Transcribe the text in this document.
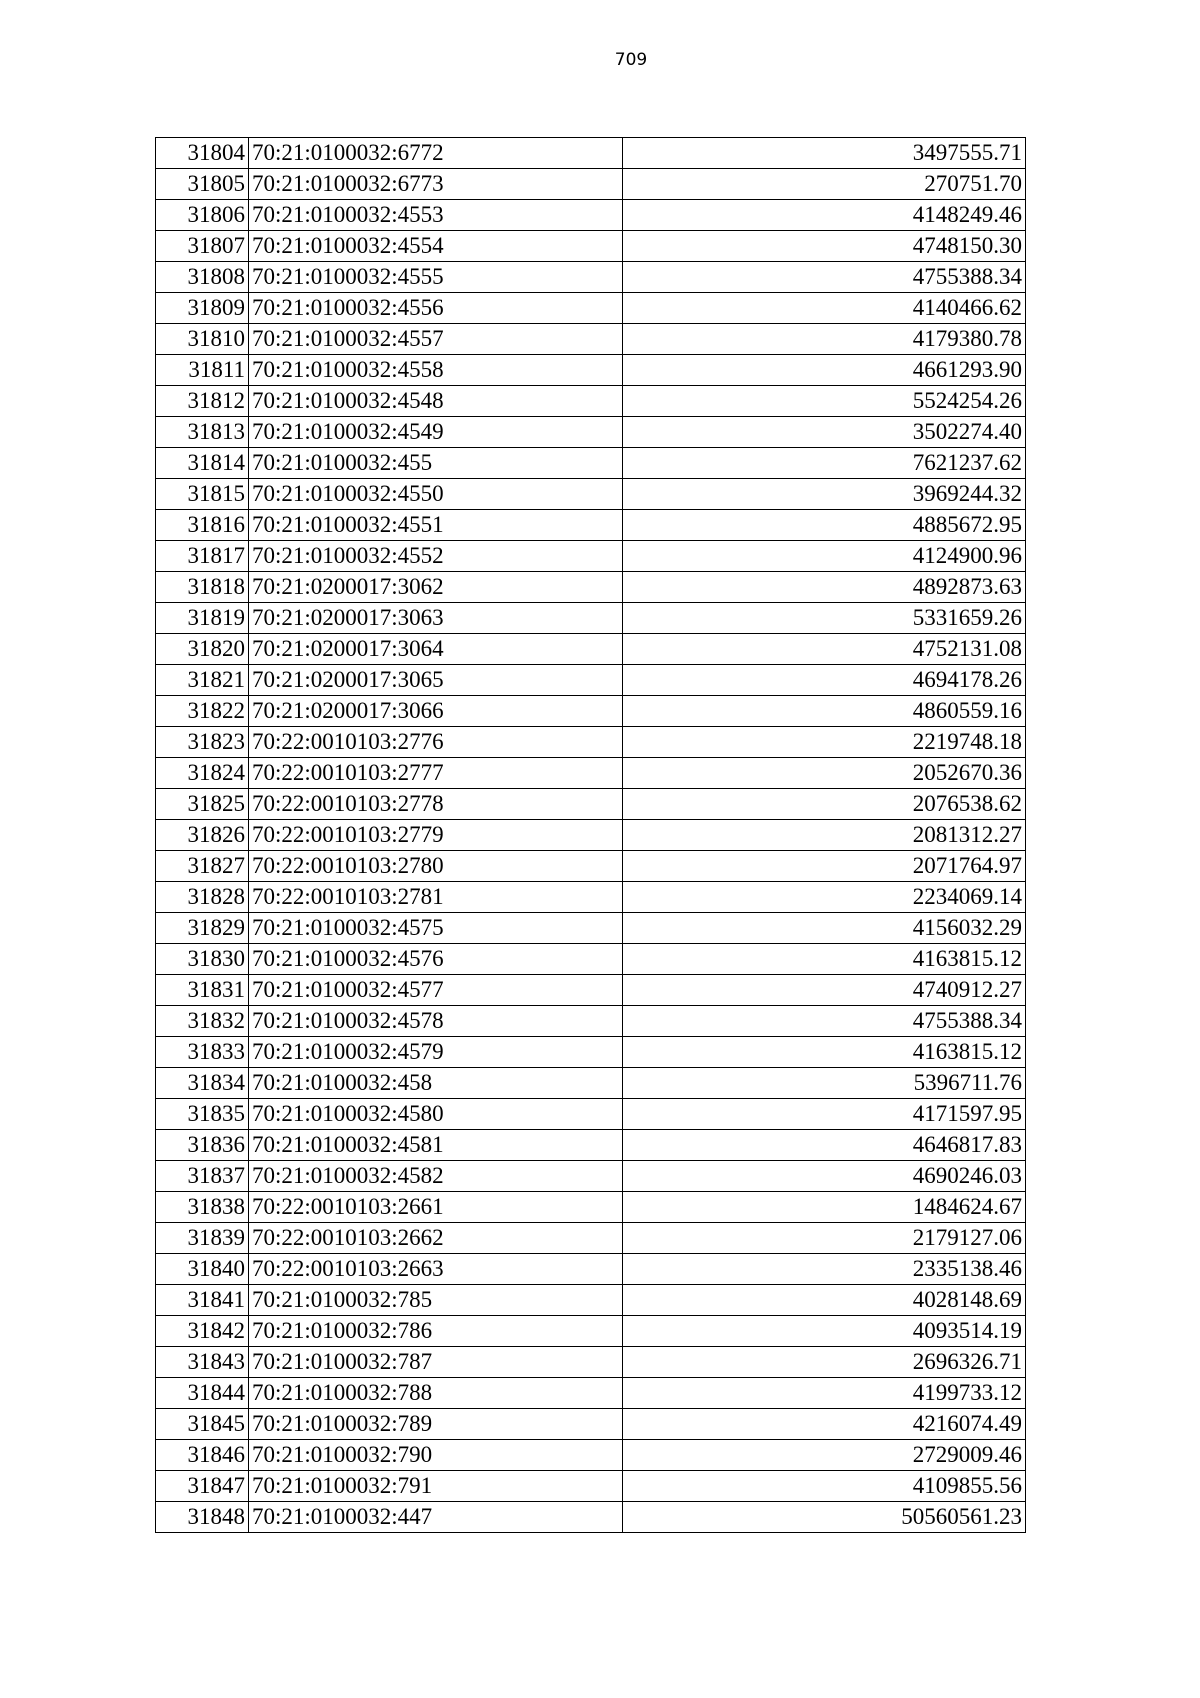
709
31804	70:21:0100032:6772	3497555.71
31805	70:21:0100032:6773	270751.70
31806	70:21:0100032:4553	4148249.46
31807	70:21:0100032:4554	4748150.30
31808	70:21:0100032:4555	4755388.34
31809	70:21:0100032:4556	4140466.62
31810	70:21:0100032:4557	4179380.78
31811	70:21:0100032:4558	4661293.90
31812	70:21:0100032:4548	5524254.26
31813	70:21:0100032:4549	3502274.40
31814	70:21:0100032:455	7621237.62
31815	70:21:0100032:4550	3969244.32
31816	70:21:0100032:4551	4885672.95
31817	70:21:0100032:4552	4124900.96
31818	70:21:0200017:3062	4892873.63
31819	70:21:0200017:3063	5331659.26
31820	70:21:0200017:3064	4752131.08
31821	70:21:0200017:3065	4694178.26
31822	70:21:0200017:3066	4860559.16
31823	70:22:0010103:2776	2219748.18
31824	70:22:0010103:2777	2052670.36
31825	70:22:0010103:2778	2076538.62
31826	70:22:0010103:2779	2081312.27
31827	70:22:0010103:2780	2071764.97
31828	70:22:0010103:2781	2234069.14
31829	70:21:0100032:4575	4156032.29
31830	70:21:0100032:4576	4163815.12
31831	70:21:0100032:4577	4740912.27
31832	70:21:0100032:4578	4755388.34
31833	70:21:0100032:4579	4163815.12
31834	70:21:0100032:458	5396711.76
31835	70:21:0100032:4580	4171597.95
31836	70:21:0100032:4581	4646817.83
31837	70:21:0100032:4582	4690246.03
31838	70:22:0010103:2661	1484624.67
31839	70:22:0010103:2662	2179127.06
31840	70:22:0010103:2663	2335138.46
31841	70:21:0100032:785	4028148.69
31842	70:21:0100032:786	4093514.19
31843	70:21:0100032:787	2696326.71
31844	70:21:0100032:788	4199733.12
31845	70:21:0100032:789	4216074.49
31846	70:21:0100032:790	2729009.46
31847	70:21:0100032:791	4109855.56
31848	70:21:0100032:447	50560561.23
